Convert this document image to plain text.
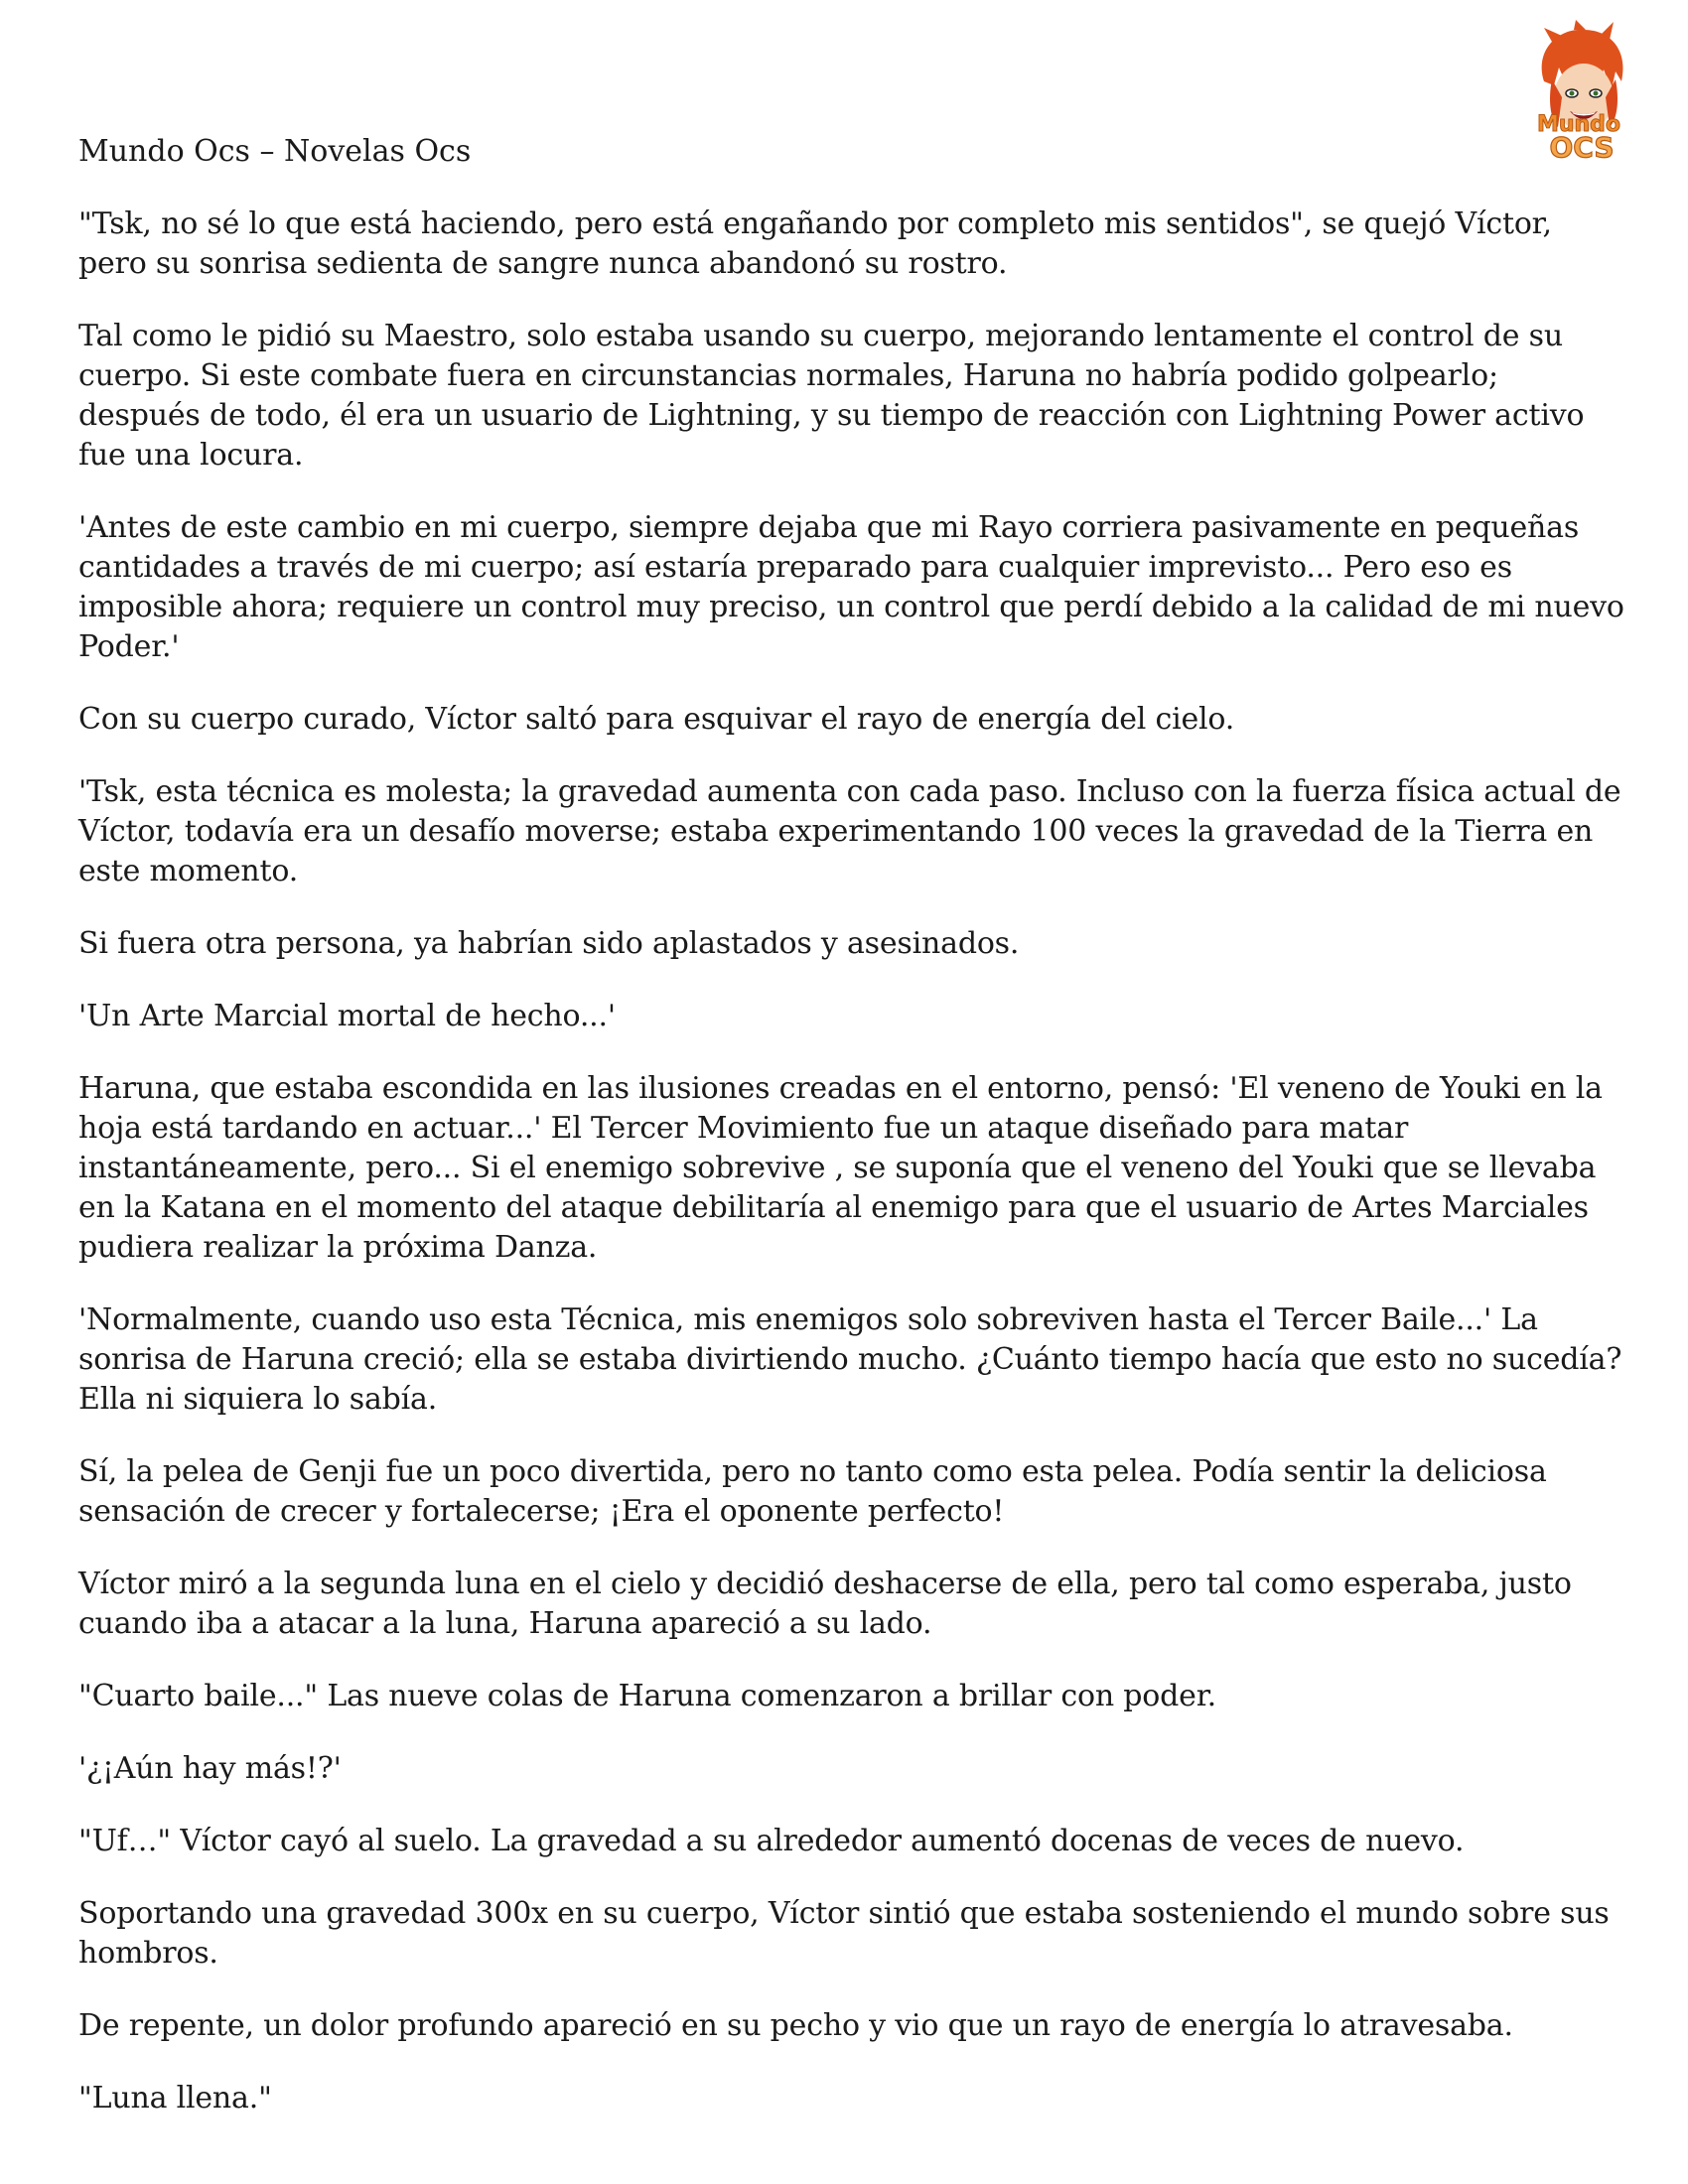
Mundo Ocs – Novelas Ocs
Mundo
OCS

"Tsk, no sé lo que está haciendo, pero está engañando por completo mis sentidos", se quejó Víctor, pero su sonrisa sedienta de sangre nunca abandonó su rostro.

Tal como le pidió su Maestro, solo estaba usando su cuerpo, mejorando lentamente el control de su cuerpo. Si este combate fuera en circunstancias normales, Haruna no habría podido golpearlo; después de todo, él era un usuario de Lightning, y su tiempo de reacción con Lightning Power activo fue una locura.

'Antes de este cambio en mi cuerpo, siempre dejaba que mi Rayo corriera pasivamente en pequeñas cantidades a través de mi cuerpo; así estaría preparado para cualquier imprevisto... Pero eso es imposible ahora; requiere un control muy preciso, un control que perdí debido a la calidad de mi nuevo Poder.'

Con su cuerpo curado, Víctor saltó para esquivar el rayo de energía del cielo.

'Tsk, esta técnica es molesta; la gravedad aumenta con cada paso. Incluso con la fuerza física actual de Víctor, todavía era un desafío moverse; estaba experimentando 100 veces la gravedad de la Tierra en este momento.

Si fuera otra persona, ya habrían sido aplastados y asesinados.

'Un Arte Marcial mortal de hecho...'

Haruna, que estaba escondida en las ilusiones creadas en el entorno, pensó: 'El veneno de Youki en la hoja está tardando en actuar...' El Tercer Movimiento fue un ataque diseñado para matar instantáneamente, pero... Si el enemigo sobrevive , se suponía que el veneno del Youki que se llevaba en la Katana en el momento del ataque debilitaría al enemigo para que el usuario de Artes Marciales pudiera realizar la próxima Danza.

'Normalmente, cuando uso esta Técnica, mis enemigos solo sobreviven hasta el Tercer Baile...' La sonrisa de Haruna creció; ella se estaba divirtiendo mucho. ¿Cuánto tiempo hacía que esto no sucedía? Ella ni siquiera lo sabía.

Sí, la pelea de Genji fue un poco divertida, pero no tanto como esta pelea. Podía sentir la deliciosa sensación de crecer y fortalecerse; ¡Era el oponente perfecto!

Víctor miró a la segunda luna en el cielo y decidió deshacerse de ella, pero tal como esperaba, justo cuando iba a atacar a la luna, Haruna apareció a su lado.

"Cuarto baile..." Las nueve colas de Haruna comenzaron a brillar con poder.

'¿¡Aún hay más!?'

"Uf…" Víctor cayó al suelo. La gravedad a su alrededor aumentó docenas de veces de nuevo.

Soportando una gravedad 300x en su cuerpo, Víctor sintió que estaba sosteniendo el mundo sobre sus hombros.

De repente, un dolor profundo apareció en su pecho y vio que un rayo de energía lo atravesaba.

"Luna llena."
